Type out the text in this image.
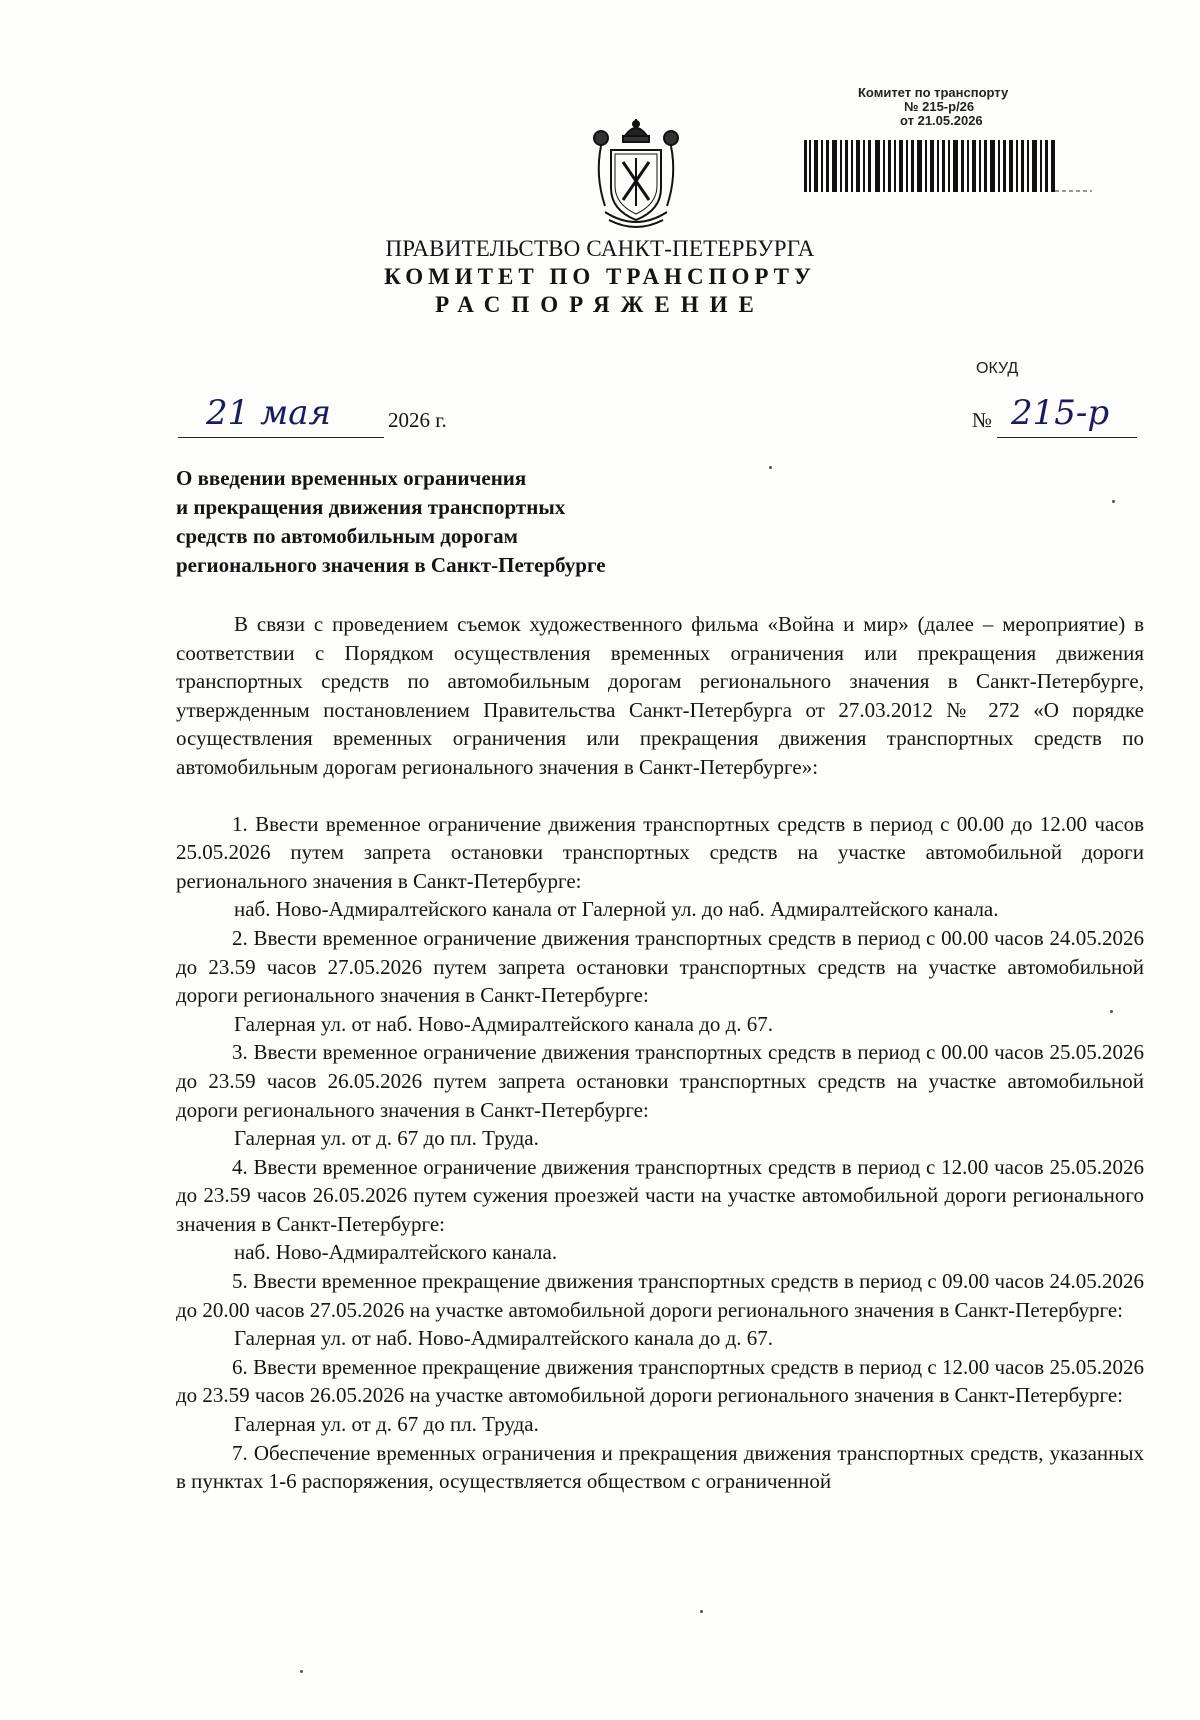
Комитет по транспорту
№ 215-р/26
от 21.05.2026
ПРАВИТЕЛЬСТВО САНКТ-ПЕТЕРБУРГА
КОМИТЕТ ПО ТРАНСПОРТУ
РАСПОРЯЖЕНИЕ
ОКУД
21 мая	2026 г.	№ 215-р
О введении временных ограничения
и прекращения движения транспортных
средств по автомобильным дорогам
регионального значения в Санкт-Петербурге

В связи с проведением съемок художественного фильма «Война и мир» (далее – мероприятие) в соответствии с Порядком осуществления временных ограничения или прекращения движения транспортных средств по автомобильным дорогам регионального значения в Санкт-Петербурге, утвержденным постановлением Правительства Санкт-Петербурга от 27.03.2012 № 272 «О порядке осуществления временных ограничения или прекращения движения транспортных средств по автомобильным дорогам регионального значения в Санкт-Петербурге»:

1. Ввести временное ограничение движения транспортных средств в период с 00.00 до 12.00 часов 25.05.2026 путем запрета остановки транспортных средств на участке автомобильной дороги регионального значения в Санкт-Петербурге:

наб. Ново-Адмиралтейского канала от Галерной ул. до наб. Адмиралтейского канала.

2. Ввести временное ограничение движения транспортных средств в период с 00.00 часов 24.05.2026 до 23.59 часов 27.05.2026 путем запрета остановки транспортных средств на участке автомобильной дороги регионального значения в Санкт-Петербурге:

Галерная ул. от наб. Ново-Адмиралтейского канала до д. 67.

3. Ввести временное ограничение движения транспортных средств в период с 00.00 часов 25.05.2026 до 23.59 часов 26.05.2026 путем запрета остановки транспортных средств на участке автомобильной дороги регионального значения в Санкт-Петербурге:

Галерная ул. от д. 67 до пл. Труда.

4. Ввести временное ограничение движения транспортных средств в период с 12.00 часов 25.05.2026 до 23.59 часов 26.05.2026 путем сужения проезжей части на участке автомобильной дороги регионального значения в Санкт-Петербурге:

наб. Ново-Адмиралтейского канала.

5. Ввести временное прекращение движения транспортных средств в период с 09.00 часов 24.05.2026 до 20.00 часов 27.05.2026 на участке автомобильной дороги регионального значения в Санкт-Петербурге:

Галерная ул. от наб. Ново-Адмиралтейского канала до д. 67.

6. Ввести временное прекращение движения транспортных средств в период с 12.00 часов 25.05.2026 до 23.59 часов 26.05.2026 на участке автомобильной дороги регионального значения в Санкт-Петербурге:

Галерная ул. от д. 67 до пл. Труда.

7. Обеспечение временных ограничения и прекращения движения транспортных средств, указанных в пунктах 1-6 распоряжения, осуществляется обществом с ограниченной
